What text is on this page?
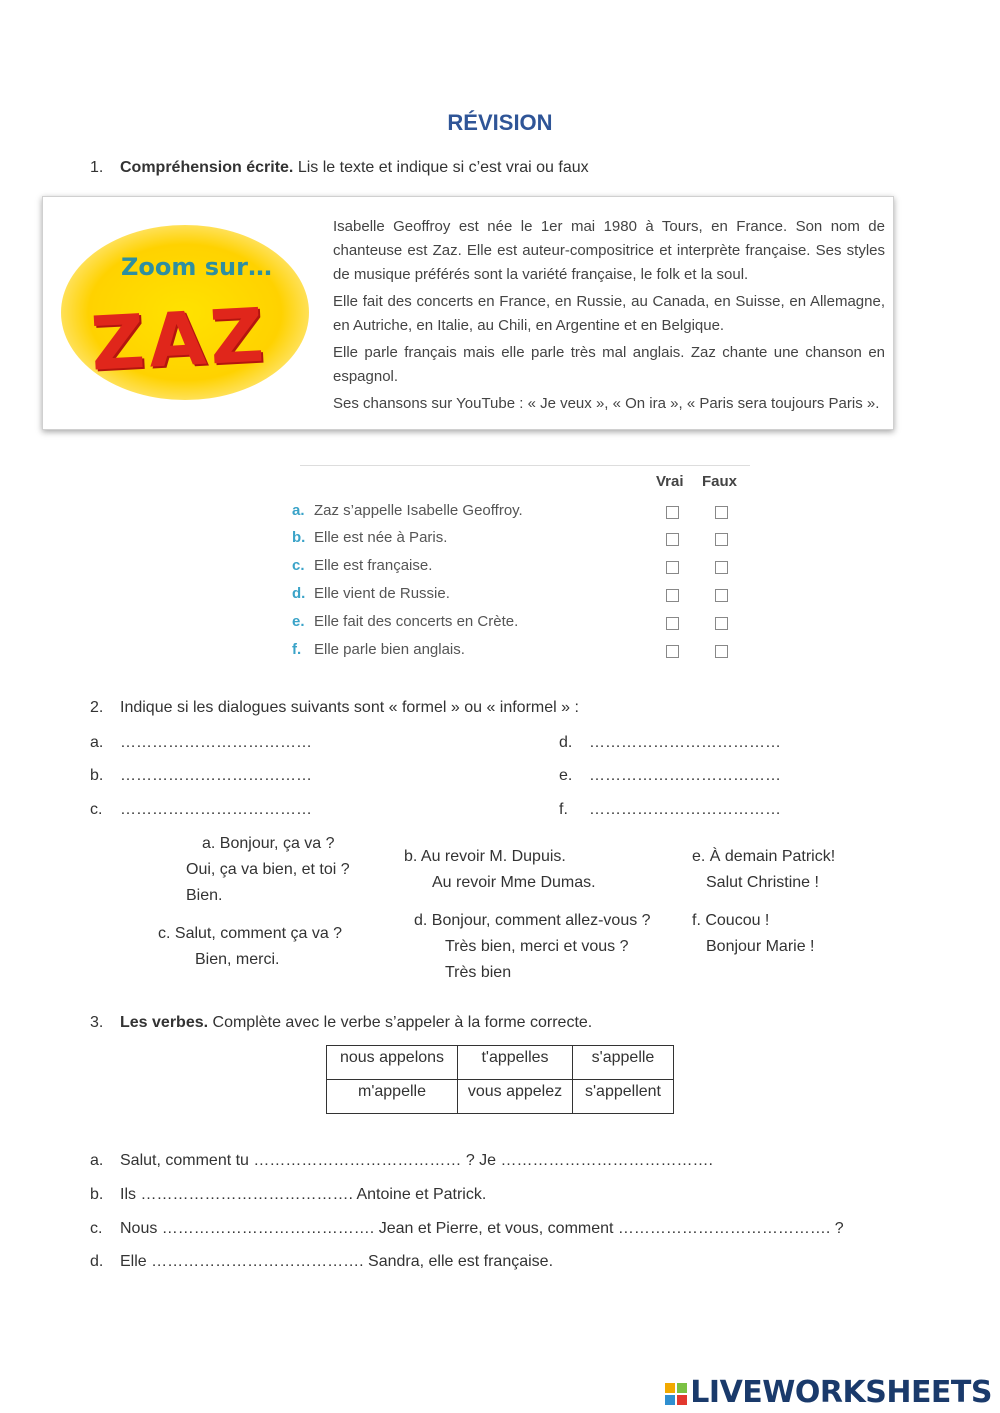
RÉVISION
1. Compréhension écrite. Lis le texte et indique si c’est vrai ou faux
Zoom sur…
ZAZ

Isabelle Geoffroy est née le 1er mai 1980 à Tours, en France. Son nom de chanteuse est Zaz. Elle est auteur-compositrice et interprète française. Ses styles de musique préférés sont la variété française, le folk et la soul.

Elle fait des concerts en France, en Russie, au Canada, en Suisse, en Allemagne, en Autriche, en Italie, au Chili, en Argentine et en Belgique.

Elle parle français mais elle parle très mal anglais. Zaz chante une chanson en espagnol.

Ses chansons sur YouTube : « Je veux », « On ira », « Paris sera toujours Paris ».

Vrai Faux
a. Zaz s’appelle Isabelle Geoffroy.
b. Elle est née à Paris.
c. Elle est française.
d. Elle vient de Russie.
e. Elle fait des concerts en Crète.
f. Elle parle bien anglais.
2. Indique si les dialogues suivants sont « formel » ou « informel » :
a. ………………………………
b. ………………………………
c. ………………………………
d. ………………………………
e. ………………………………
f. ………………………………
a. Bonjour, ça va ?
Oui, ça va bien, et toi ?
Bien.
b. Au revoir M. Dupuis.
Au revoir Mme Dumas.
e. À demain Patrick!
Salut Christine !
c. Salut, comment ça va ?
Bien, merci.
d. Bonjour, comment allez-vous ?
Très bien, merci et vous ?
Très bien
f. Coucou !
Bonjour Marie !
3. Les verbes. Complète avec le verbe s’appeler à la forme correcte.
nous appelons	t'appelles	s'appelle
m'appelle	vous appelez	s'appellent
a. Salut, comment tu ………………………………… ? Je ………………………………….
b. Ils …………………………………. Antoine et Patrick.
c. Nous …………………………………. Jean et Pierre, et vous, comment …………………………………. ?
d. Elle …………………………………. Sandra, elle est française.
LIVEWORKSHEETS
